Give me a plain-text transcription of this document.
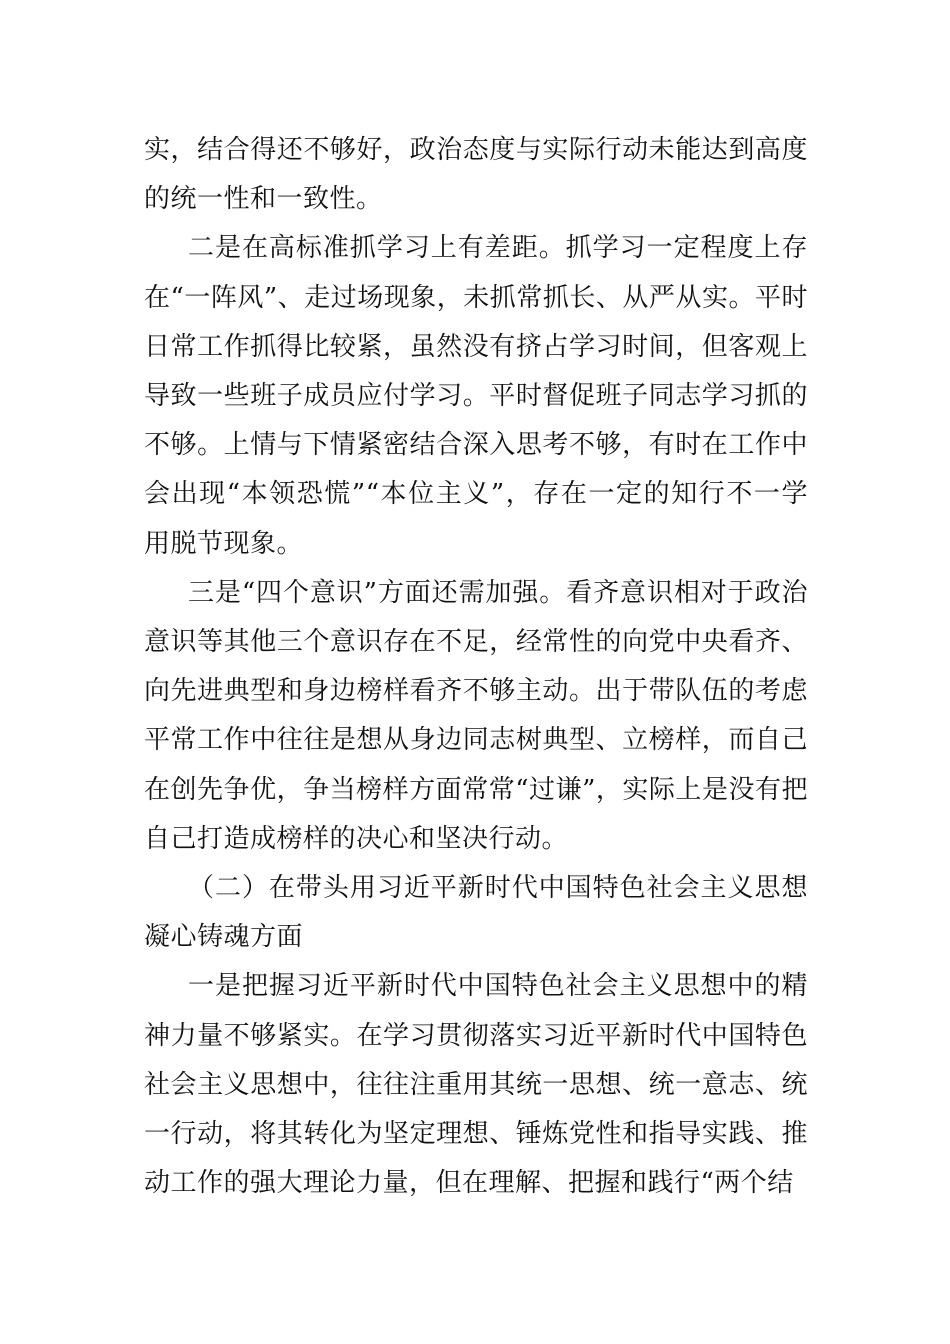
实，结合得还不够好，政治态度与实际行动未能达到高度的统一性和一致性。

二是在高标准抓学习上有差距。抓学习一定程度上存在“一阵风”、走过场现象，未抓常抓长、从严从实。平时日常工作抓得比较紧，虽然没有挤占学习时间，但客观上导致一些班子成员应付学习。平时督促班子同志学习抓的不够。上情与下情紧密结合深入思考不够，有时在工作中会出现“本领恐慌”“本位主义”，存在一定的知行不一学用脱节现象。

三是“四个意识”方面还需加强。看齐意识相对于政治意识等其他三个意识存在不足，经常性的向党中央看齐、向先进典型和身边榜样看齐不够主动。出于带队伍的考虑平常工作中往往是想从身边同志树典型、立榜样，而自己在创先争优，争当榜样方面常常“过谦”，实际上是没有把自己打造成榜样的决心和坚决行动。

（二）在带头用习近平新时代中国特色社会主义思想凝心铸魂方面

一是把握习近平新时代中国特色社会主义思想中的精神力量不够紧实。在学习贯彻落实习近平新时代中国特色社会主义思想中，往往注重用其统一思想、统一意志、统一行动，将其转化为坚定理想、锤炼党性和指导实践、推动工作的强大理论力量，但在理解、把握和践行“两个结
